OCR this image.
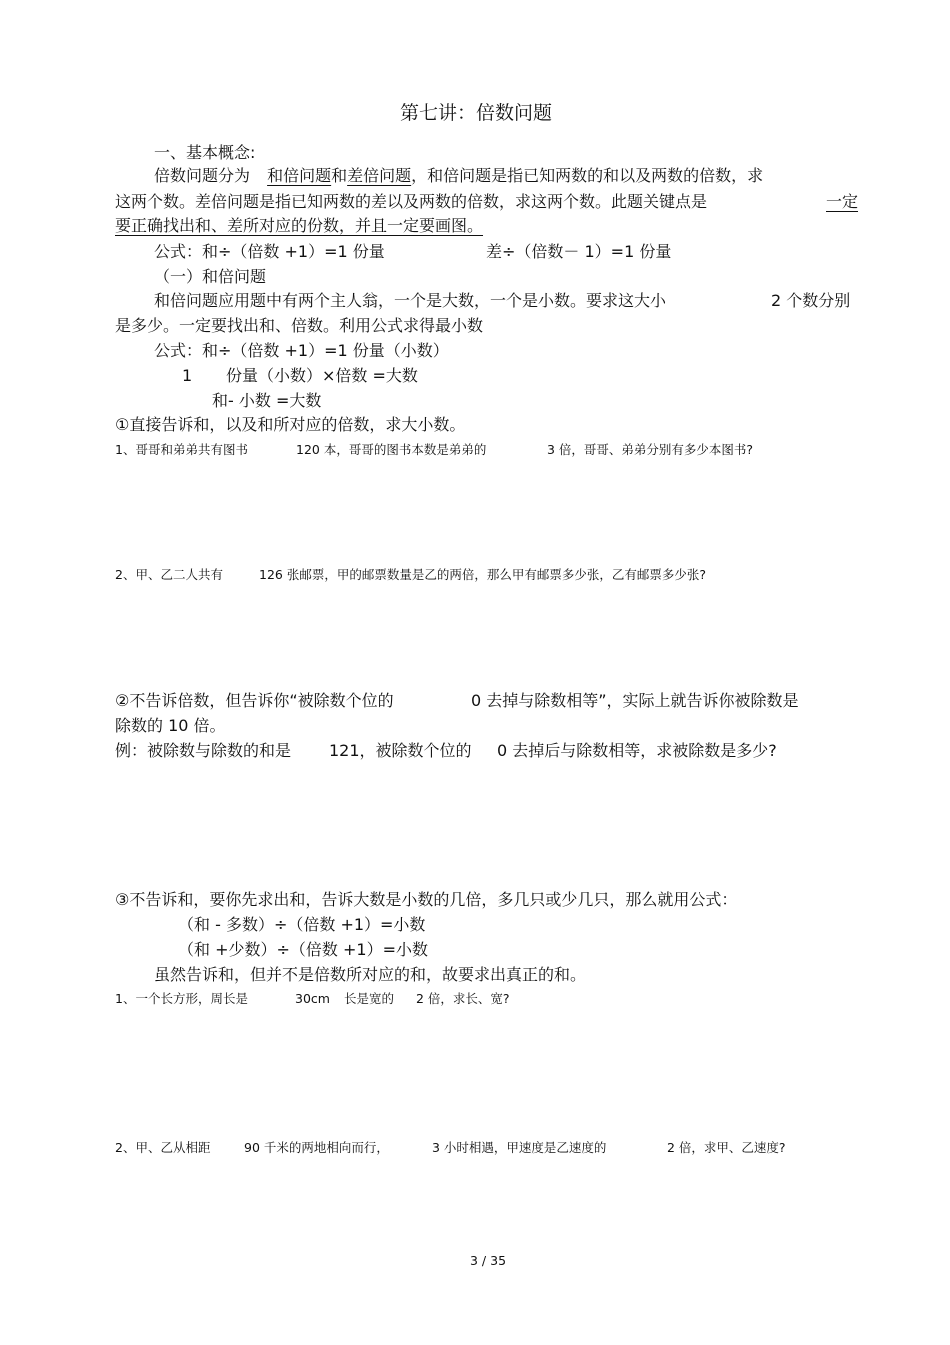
第七讲：倍数问题
一、基本概念:
倍数问题分为 和倍问题和差倍问题，和倍问题是指已知两数的和以及两数的倍数，求
这两个数。差倍问题是指已知两数的差以及两数的倍数，求这两个数。此题关键点是	一定
要正确找出和、差所对应的份数，并且一定要画图。
公式：和÷（倍数 +1）=1 份量	差÷（倍数－ 1）=1 份量
（一）和倍问题
和倍问题应用题中有两个主人翁，一个是大数，一个是小数。要求这大小	2 个数分别
是多少。一定要找出和、倍数。利用公式求得最小数
公式：和÷（倍数 +1）=1 份量（小数）
1 份量（小数）×倍数 =大数
和- 小数 =大数
①直接告诉和，以及和所对应的倍数，求大小数。
1、哥哥和弟弟共有图书	120 本，哥哥的图书本数是弟弟的	3 倍，哥哥、弟弟分别有多少本图书?
2、甲、乙二人共有	126 张邮票，甲的邮票数量是乙的两倍，那么甲有邮票多少张，乙有邮票多少张?
②不告诉倍数，但告诉你“被除数个位的	0 去掉与除数相等”，实际上就告诉你被除数是
除数的 10 倍。
例：被除数与除数的和是 121，被除数个位的 0 去掉后与除数相等，求被除数是多少?
③不告诉和，要你先求出和，告诉大数是小数的几倍，多几只或少几只，那么就用公式：
（和 - 多数）÷（倍数 +1）=小数
（和 +少数）÷（倍数 +1）=小数
虽然告诉和，但并不是倍数所对应的和，故要求出真正的和。
1、一个长方形，周长是	30cm 长是宽的 2 倍，求长、宽?
2、甲、乙从相距	90 千米的两地相向而行，	3 小时相遇，甲速度是乙速度的	2 倍，求甲、乙速度?
3 / 35
